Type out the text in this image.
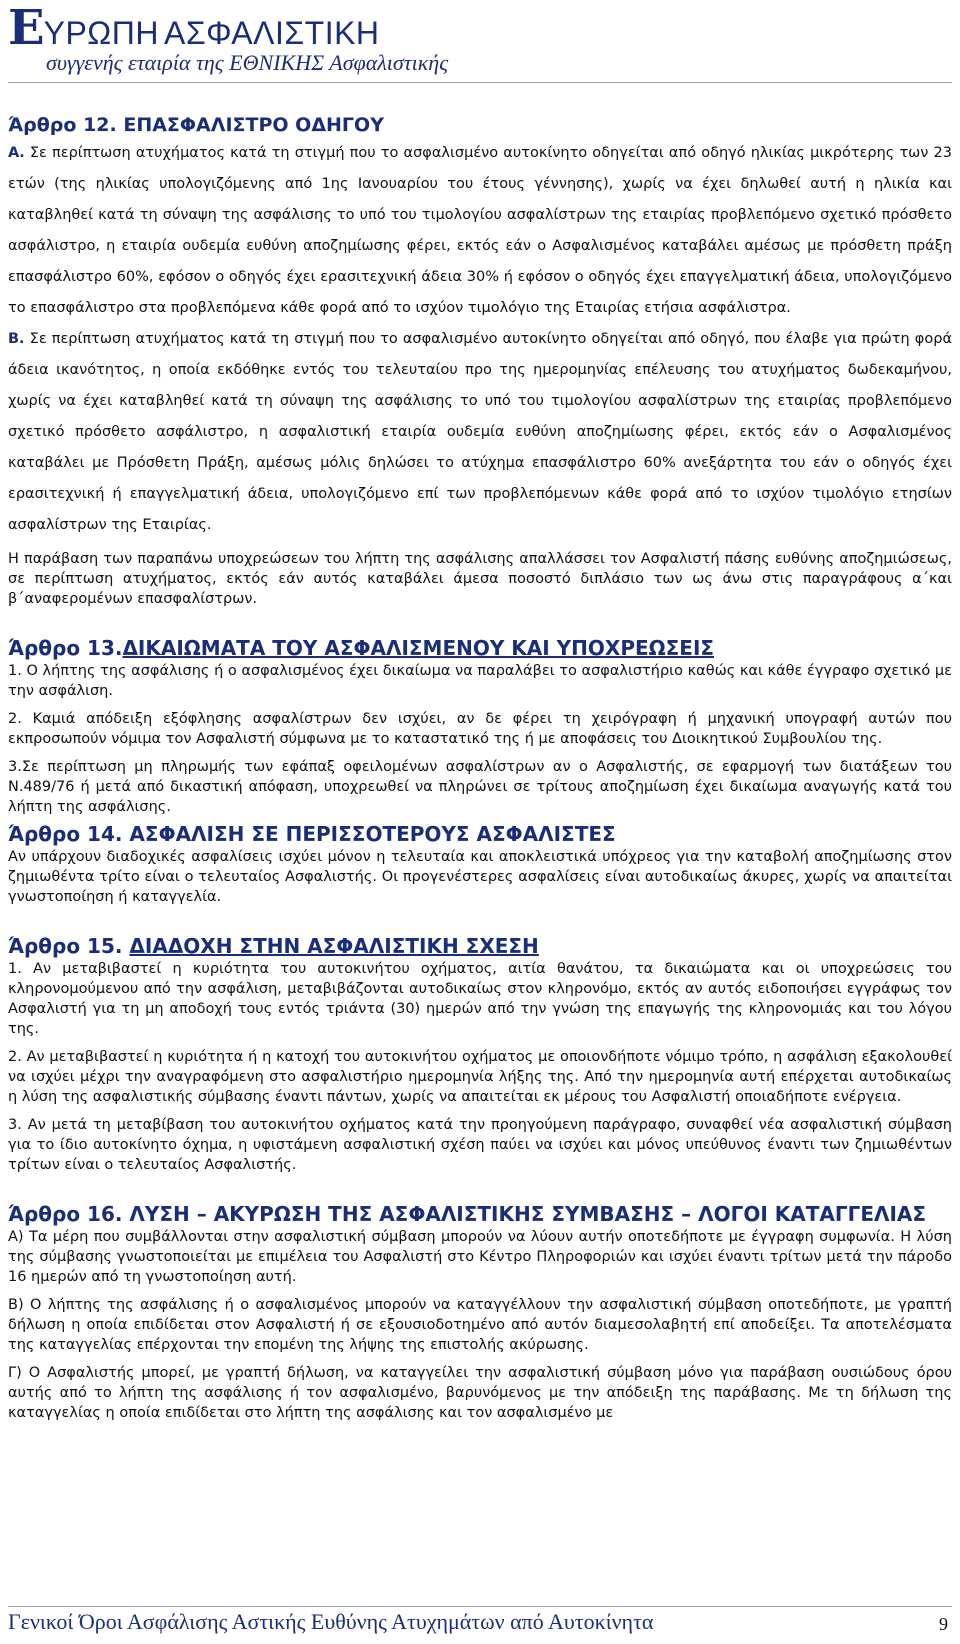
ΕΥΡΩΠΗ ΑΣΦΑΛΙΣΤΙΚΗ
συγγενής εταιρία της ΕΘΝΙΚΗΣ Ασφαλιστικής
Άρθρο 12. ΕΠΑΣΦΑΛΙΣΤΡΟ ΟΔΗΓΟΥ

Α. Σε περίπτωση ατυχήματος κατά τη στιγμή που το ασφαλισμένο αυτοκίνητο οδηγείται από οδηγό ηλικίας μικρότερης των 23 ετών (της ηλικίας υπολογιζόμενης από 1ης Ιανουαρίου του έτους γέννησης), χωρίς να έχει δηλωθεί αυτή η ηλικία και καταβληθεί κατά τη σύναψη της ασφάλισης το υπό του τιμολογίου ασφαλίστρων της εταιρίας προβλεπόμενο σχετικό πρόσθετο ασφάλιστρο, η εταιρία ουδεμία ευθύνη αποζημίωσης φέρει, εκτός εάν ο Ασφαλισμένος καταβάλει αμέσως με πρόσθετη πράξη επασφάλιστρο 60%, εφόσον ο οδηγός έχει ερασιτεχνική άδεια 30% ή εφόσον ο οδηγός έχει επαγγελματική άδεια, υπολογιζόμενο το επασφάλιστρο στα προβλεπόμενα κάθε φορά από το ισχύον τιμολόγιο της Εταιρίας ετήσια ασφάλιστρα.

Β. Σε περίπτωση ατυχήματος κατά τη στιγμή που το ασφαλισμένο αυτοκίνητο οδηγείται από οδηγό, που έλαβε για πρώτη φορά άδεια ικανότητος, η οποία εκδόθηκε εντός του τελευταίου προ της ημερομηνίας επέλευσης του ατυχήματος δωδεκαμήνου, χωρίς να έχει καταβληθεί κατά τη σύναψη της ασφάλισης το υπό του τιμολογίου ασφαλίστρων της εταιρίας προβλεπόμενο σχετικό πρόσθετο ασφάλιστρο, η ασφαλιστική εταιρία ουδεμία ευθύνη αποζημίωσης φέρει, εκτός εάν ο Ασφαλισμένος καταβάλει με Πρόσθετη Πράξη, αμέσως μόλις δηλώσει το ατύχημα επασφάλιστρο 60% ανεξάρτητα του εάν ο οδηγός έχει ερασιτεχνική ή επαγγελματική άδεια, υπολογιζόμενο επί των προβλεπόμενων κάθε φορά από το ισχύον τιμολόγιο ετησίων ασφαλίστρων της Εταιρίας.

Η παράβαση των παραπάνω υποχρεώσεων του λήπτη της ασφάλισης απαλλάσσει τον Ασφαλιστή πάσης ευθύνης αποζημιώσεως, σε περίπτωση ατυχήματος, εκτός εάν αυτός καταβάλει άμεσα ποσοστό διπλάσιο των ως άνω στις παραγράφους α΄και β΄αναφερομένων επασφαλίστρων.

Άρθρο 13.ΔΙΚΑΙΩΜΑΤΑ ΤΟΥ ΑΣΦΑΛΙΣΜΕΝΟΥ ΚΑΙ ΥΠΟΧΡΕΩΣΕΙΣ

1. Ο λήπτης της ασφάλισης ή ο ασφαλισμένος έχει δικαίωμα να παραλάβει το ασφαλιστήριο καθώς και κάθε έγγραφο σχετικό με την ασφάλιση.

2. Καμιά απόδειξη εξόφλησης ασφαλίστρων δεν ισχύει, αν δε φέρει τη χειρόγραφη ή μηχανική υπογραφή αυτών που εκπροσωπούν νόμιμα τον Ασφαλιστή σύμφωνα με το καταστατικό της ή με αποφάσεις του Διοικητικού Συμβουλίου της.

3.Σε περίπτωση μη πληρωμής των εφάπαξ οφειλομένων ασφαλίστρων αν ο Ασφαλιστής, σε εφαρμογή των διατάξεων του Ν.489/76 ή μετά από δικαστική απόφαση, υποχρεωθεί να πληρώνει σε τρίτους αποζημίωση έχει δικαίωμα αναγωγής κατά του λήπτη της ασφάλισης.

Άρθρο 14. ΑΣΦΑΛΙΣΗ ΣΕ ΠΕΡΙΣΣΟΤΕΡΟΥΣ ΑΣΦΑΛΙΣΤΕΣ

Αν υπάρχουν διαδοχικές ασφαλίσεις ισχύει μόνον η τελευταία και αποκλειστικά υπόχρεος για την καταβολή αποζημίωσης στον ζημιωθέντα τρίτο είναι ο τελευταίος Ασφαλιστής. Οι προγενέστερες ασφαλίσεις είναι αυτοδικαίως άκυρες, χωρίς να απαιτείται γνωστοποίηση ή καταγγελία.

Άρθρο 15. ΔΙΑΔΟΧΗ ΣΤΗΝ ΑΣΦΑΛΙΣΤΙΚΗ ΣΧΕΣΗ

1. Αν μεταβιβαστεί η κυριότητα του αυτοκινήτου οχήματος, αιτία θανάτου, τα δικαιώματα και οι υποχρεώσεις του κληρονομούμενου από την ασφάλιση, μεταβιβάζονται αυτοδικαίως στον κληρονόμο, εκτός αν αυτός ειδοποιήσει εγγράφως τον Ασφαλιστή για τη μη αποδοχή τους εντός τριάντα (30) ημερών από την γνώση της επαγωγής της κληρονομιάς και του λόγου της.

2. Αν μεταβιβαστεί η κυριότητα ή η κατοχή του αυτοκινήτου οχήματος με οποιονδήποτε νόμιμο τρόπο, η ασφάλιση εξακολουθεί να ισχύει μέχρι την αναγραφόμενη στο ασφαλιστήριο ημερομηνία λήξης της. Από την ημερομηνία αυτή επέρχεται αυτοδικαίως η λύση της ασφαλιστικής σύμβασης έναντι πάντων, χωρίς να απαιτείται εκ μέρους του Ασφαλιστή οποιαδήποτε ενέργεια.

3. Αν μετά τη μεταβίβαση του αυτοκινήτου οχήματος κατά την προηγούμενη παράγραφο, συναφθεί νέα ασφαλιστική σύμβαση για το ίδιο αυτοκίνητο όχημα, η υφιστάμενη ασφαλιστική σχέση παύει να ισχύει και μόνος υπεύθυνος έναντι των ζημιωθέντων τρίτων είναι ο τελευταίος Ασφαλιστής.

Άρθρο 16. ΛΥΣΗ – ΑΚΥΡΩΣΗ ΤΗΣ ΑΣΦΑΛΙΣΤΙΚΗΣ ΣΥΜΒΑΣΗΣ – ΛΟΓΟΙ ΚΑΤΑΓΓΕΛΙΑΣ

Α) Τα μέρη που συμβάλλονται στην ασφαλιστική σύμβαση μπορούν να λύουν αυτήν οποτεδήποτε με έγγραφη συμφωνία. Η λύση της σύμβασης γνωστοποιείται με επιμέλεια του Ασφαλιστή στο Κέντρο Πληροφοριών και ισχύει έναντι τρίτων μετά την πάροδο 16 ημερών από τη γνωστοποίηση αυτή.

Β) Ο λήπτης της ασφάλισης ή ο ασφαλισμένος μπορούν να καταγγέλλουν την ασφαλιστική σύμβαση οποτεδήποτε, με γραπτή δήλωση η οποία επιδίδεται στον Ασφαλιστή ή σε εξουσιοδοτημένο από αυτόν διαμεσολαβητή επί αποδείξει. Τα αποτελέσματα της καταγγελίας επέρχονται την επομένη της λήψης της επιστολής ακύρωσης.

Γ) Ο Ασφαλιστής μπορεί, με γραπτή δήλωση, να καταγγείλει την ασφαλιστική σύμβαση μόνο για παράβαση ουσιώδους όρου αυτής από το λήπτη της ασφάλισης ή τον ασφαλισμένο, βαρυνόμενος με την απόδειξη της παράβασης. Με τη δήλωση της καταγγελίας η οποία επιδίδεται στο λήπτη της ασφάλισης και τον ασφαλισμένο με

Γενικοί Όροι Ασφάλισης Αστικής Ευθύνης Ατυχημάτων από Αυτοκίνητα	9
